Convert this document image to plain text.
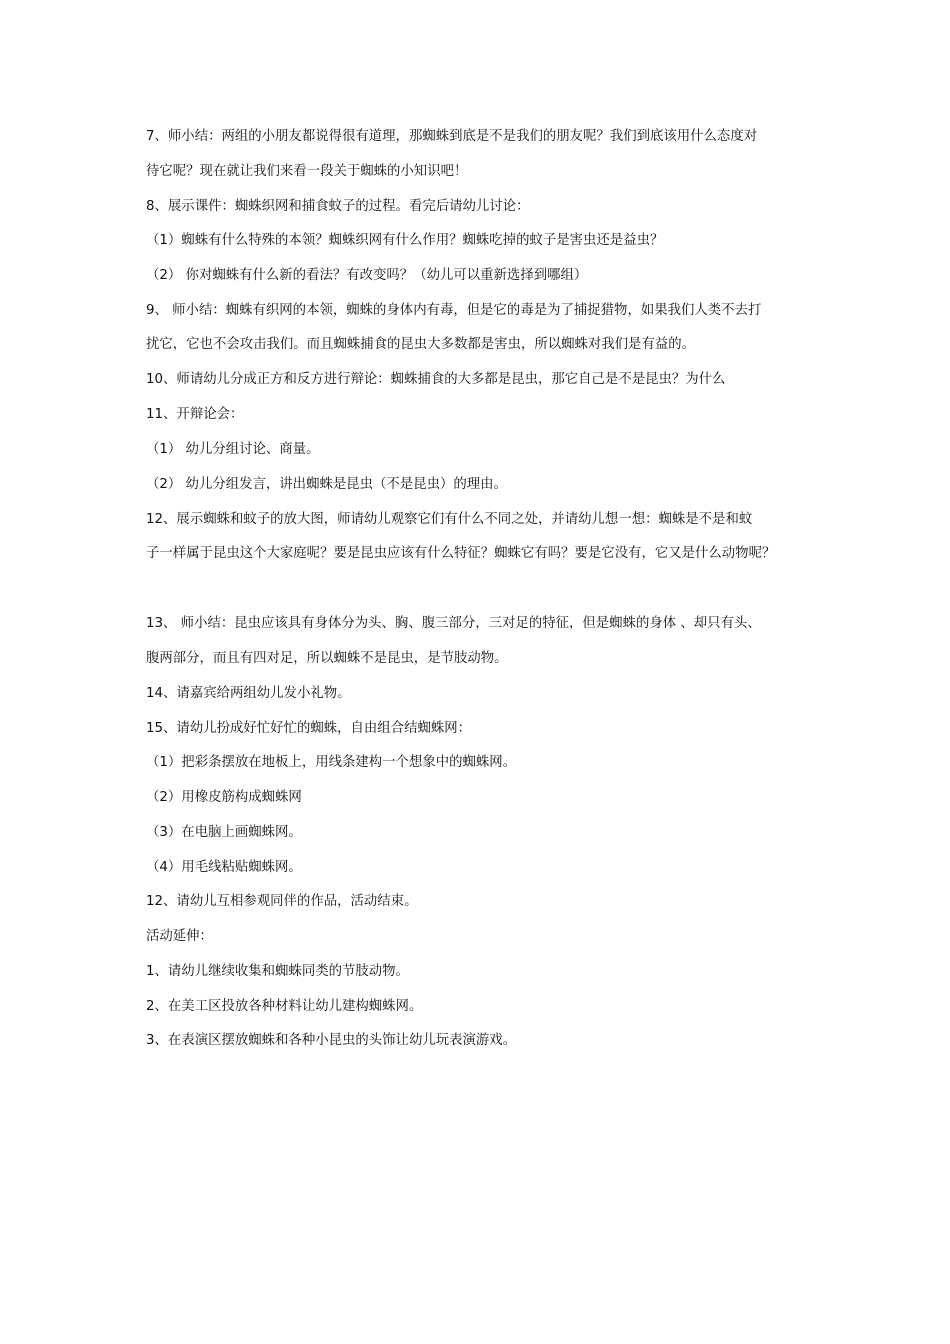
7、师小结：两组的小朋友都说得很有道理，那蜘蛛到底是不是我们的朋友呢？我们到底该用什么态度对
待它呢？现在就让我们来看一段关于蜘蛛的小知识吧！
8、展示课件：蜘蛛织网和捕食蚊子的过程。看完后请幼儿讨论：
（1）蜘蛛有什么特殊的本领？蜘蛛织网有什么作用？蜘蛛吃掉的蚊子是害虫还是益虫？
（2） 你对蜘蛛有什么新的看法？有改变吗？（幼儿可以重新选择到哪组）
9、 师小结：蜘蛛有织网的本领，蜘蛛的身体内有毒，但是它的毒是为了捕捉猎物，如果我们人类不去打
扰它，它也不会攻击我们。而且蜘蛛捕食的昆虫大多数都是害虫，所以蜘蛛对我们是有益的。
10、师请幼儿分成正方和反方进行辩论：蜘蛛捕食的大多都是昆虫，那它自己是不是昆虫？为什么
11、开辩论会：
（1） 幼儿分组讨论、商量。
（2） 幼儿分组发言，讲出蜘蛛是昆虫（不是昆虫）的理由。
12、展示蜘蛛和蚊子的放大图，师请幼儿观察它们有什么不同之处，并请幼儿想一想：蜘蛛是不是和蚊
子一样属于昆虫这个大家庭呢？要是昆虫应该有什么特征？蜘蛛它有吗？要是它没有，它又是什么动物呢？
13、 师小结：昆虫应该具有身体分为头、胸、腹三部分，三对足的特征，但是蜘蛛的身体 、却只有头、
腹两部分，而且有四对足，所以蜘蛛不是昆虫，是节肢动物。
14、请嘉宾给两组幼儿发小礼物。
15、请幼儿扮成好忙好忙的蜘蛛，自由组合结蜘蛛网：
（1）把彩条摆放在地板上，用线条建构一个想象中的蜘蛛网。
（2）用橡皮筋构成蜘蛛网
（3）在电脑上画蜘蛛网。
（4）用毛线粘贴蜘蛛网。
12、请幼儿互相参观同伴的作品，活动结束。
活动延伸：
1、请幼儿继续收集和蜘蛛同类的节肢动物。
2、在美工区投放各种材料让幼儿建构蜘蛛网。
3、在表演区摆放蜘蛛和各种小昆虫的头饰让幼儿玩表演游戏。
